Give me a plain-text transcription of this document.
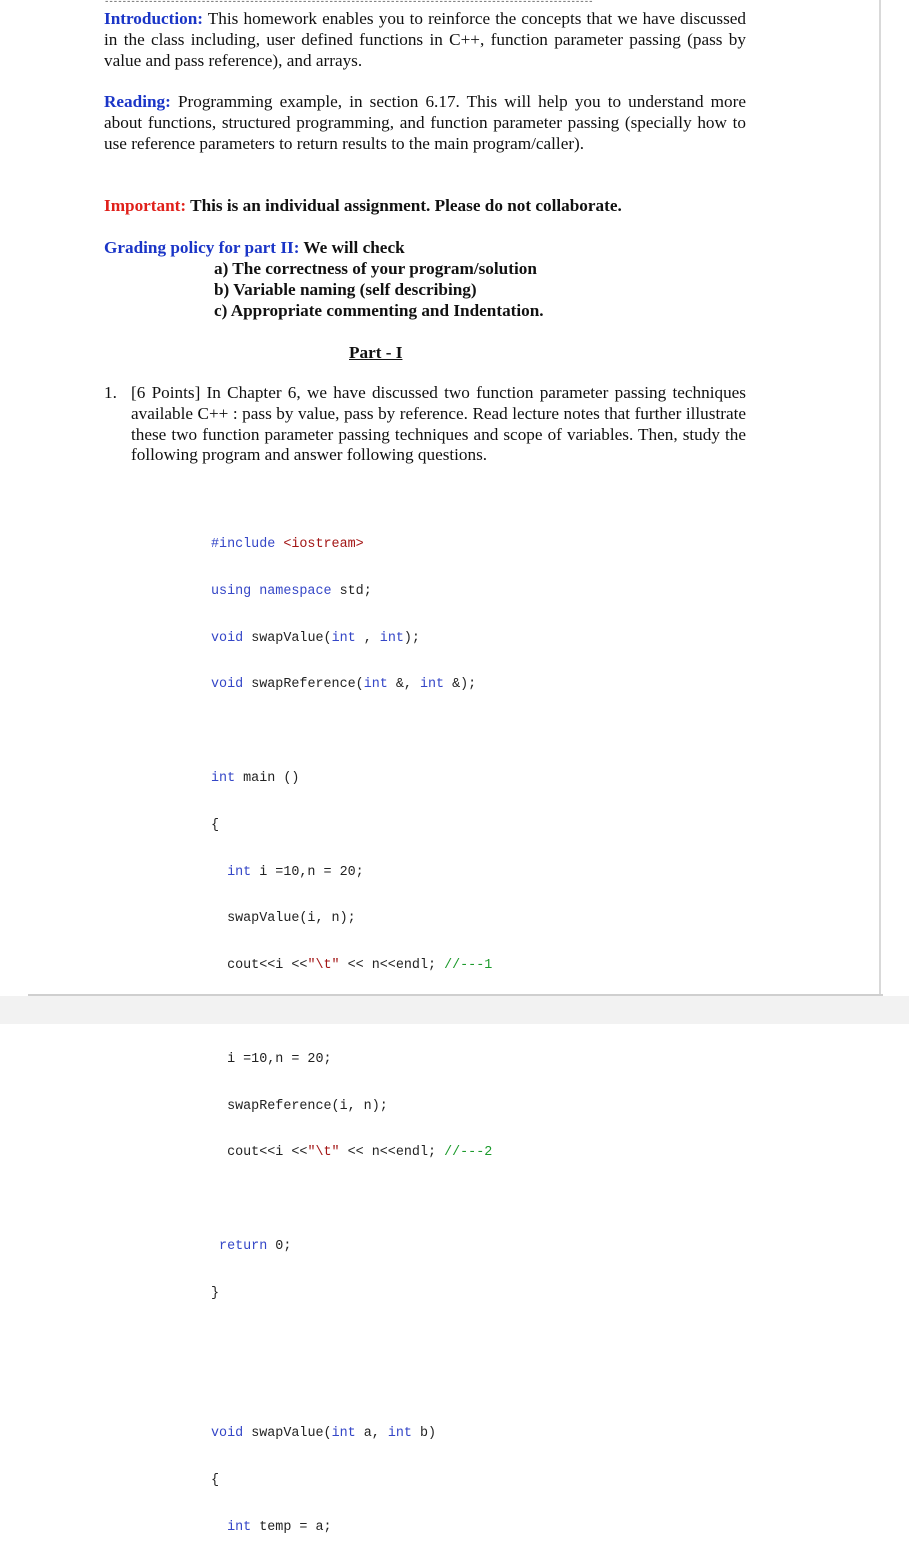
---------------------------------------------------------------------------------------------------------------

Introduction: This homework enables you to reinforce the concepts that we have discussed in the class including, user defined functions in C++, function parameter passing (pass by value and pass reference), and arrays.

Reading: Programming example, in section 6.17. This will help you to understand more about functions, structured programming, and function parameter passing (specially how to use reference parameters to return results to the main program/caller).

Important: This is an individual assignment. Please do not collaborate.

Grading policy for part II: We will check

a) The correctness of your program/solution
b) Variable naming (self describing)
c) Appropriate commenting and Indentation.
Part - I
1. [6 Points] In Chapter 6, we have discussed two function parameter passing techniques available C++ : pass by value, pass by reference. Read lecture notes that further illustrate these two function parameter passing techniques and scope of variables. Then, study the following program and answer following questions.

#include <iostream>

using namespace std;

void swapValue(int , int);

void swapReference(int &, int &);

int main ()

{

int i =10,n = 20;

swapValue(i, n);

cout<<i <<"\t" << n<<endl; //---1

i =10,n = 20;

swapReference(i, n);

cout<<i <<"\t" << n<<endl; //---2

return 0;

}

void swapValue(int a, int b)

{

int temp = a;
